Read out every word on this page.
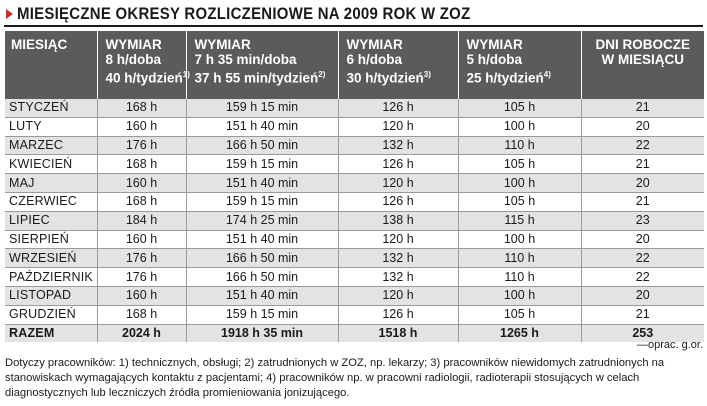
MIESIĘCZNE OKRESY ROZLICZENIOWE NA 2009 ROK W ZOZ
MIESIĄC	WYMIAR
8 h/doba
40 h/tydzień$^{1)}$	WYMIAR
7 h 35 min/doba
37 h 55 min/tydzień$^{2)}$	WYMIAR
6 h/doba
30 h/tydzień$^{3)}$	WYMIAR
5 h/doba
25 h/tydzień$^{4)}$	DNI ROBOCZE
W MIESIĄCU

STYCZEŃ	168 h	159 h 15 min	126 h	105 h	21
LUTY	160 h	151 h 40 min	120 h	100 h	20
MARZEC	176 h	166 h 50 min	132 h	110 h	22
KWIECIEŃ	168 h	159 h 15 min	126 h	105 h	21
MAJ	160 h	151 h 40 min	120 h	100 h	20
CZERWIEC	168 h	159 h 15 min	126 h	105 h	21
LIPIEC	184 h	174 h 25 min	138 h	115 h	23
SIERPIEŃ	160 h	151 h 40 min	120 h	100 h	20
WRZESIEŃ	176 h	166 h 50 min	132 h	110 h	22
PAŹDZIERNIK	176 h	166 h 50 min	132 h	110 h	22
LISTOPAD	160 h	151 h 40 min	120 h	100 h	20
GRUDZIEŃ	168 h	159 h 15 min	126 h	105 h	21
RAZEM	2024 h	1918 h 35 min	1518 h	1265 h	253
—oprac. g.or.
Dotyczy pracowników: 1) technicznych, obsługi; 2) zatrudnionych w ZOZ, np. lekarzy; 3) pracowników niewidomych zatrudnionych na stanowiskach wymagających kontaktu z pacjentami; 4) pracowników np. w pracowni radiologii, radioterapii stosujących w celach diagnostycznych lub leczniczych źródła promieniowania jonizującego.
